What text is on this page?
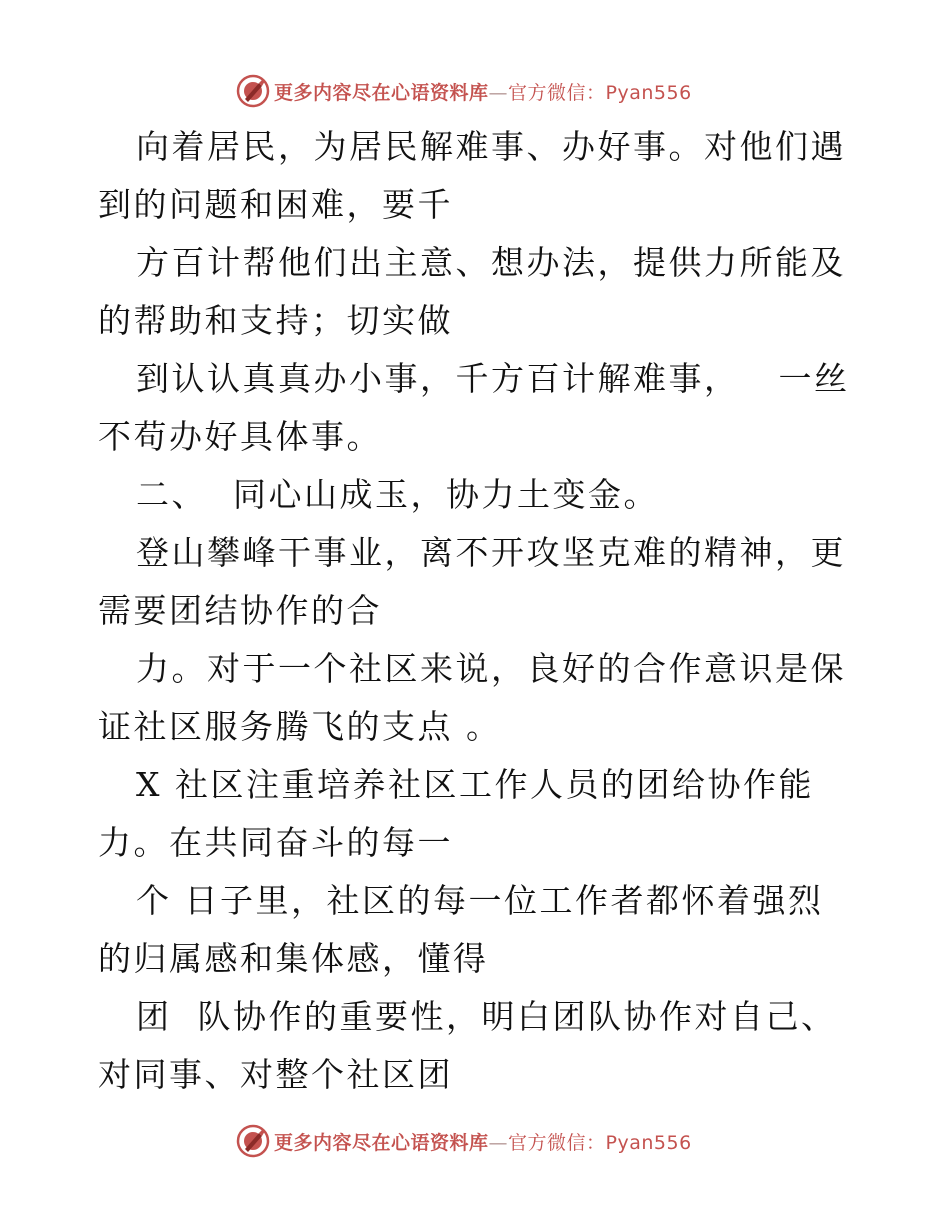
更多内容尽在心语资料库—官方微信：Pyan556

向着居民，为居民解难事、办好事。对他们遇到的问题和困难，要千

方百计帮他们出主意、想办法，提供力所能及的帮助和支持；切实做

到认认真真办小事，千方百计解难事，   一丝不苟办好具体事。

二、  同心山成玉，协力土变金。

登山攀峰干事业，离不开攻坚克难的精神，更需要团结协作的合

力。对于一个社区来说，良好的合作意识是保证社区服务腾飞的支点 。

X 社区注重培养社区工作人员的团给协作能力。在共同奋斗的每一

个 日子里，社区的每一位工作者都怀着强烈的归属感和集体感，懂得

团  队协作的重要性，明白团队协作对自己、对同事、对整个社区团

更多内容尽在心语资料库—官方微信：Pyan556
